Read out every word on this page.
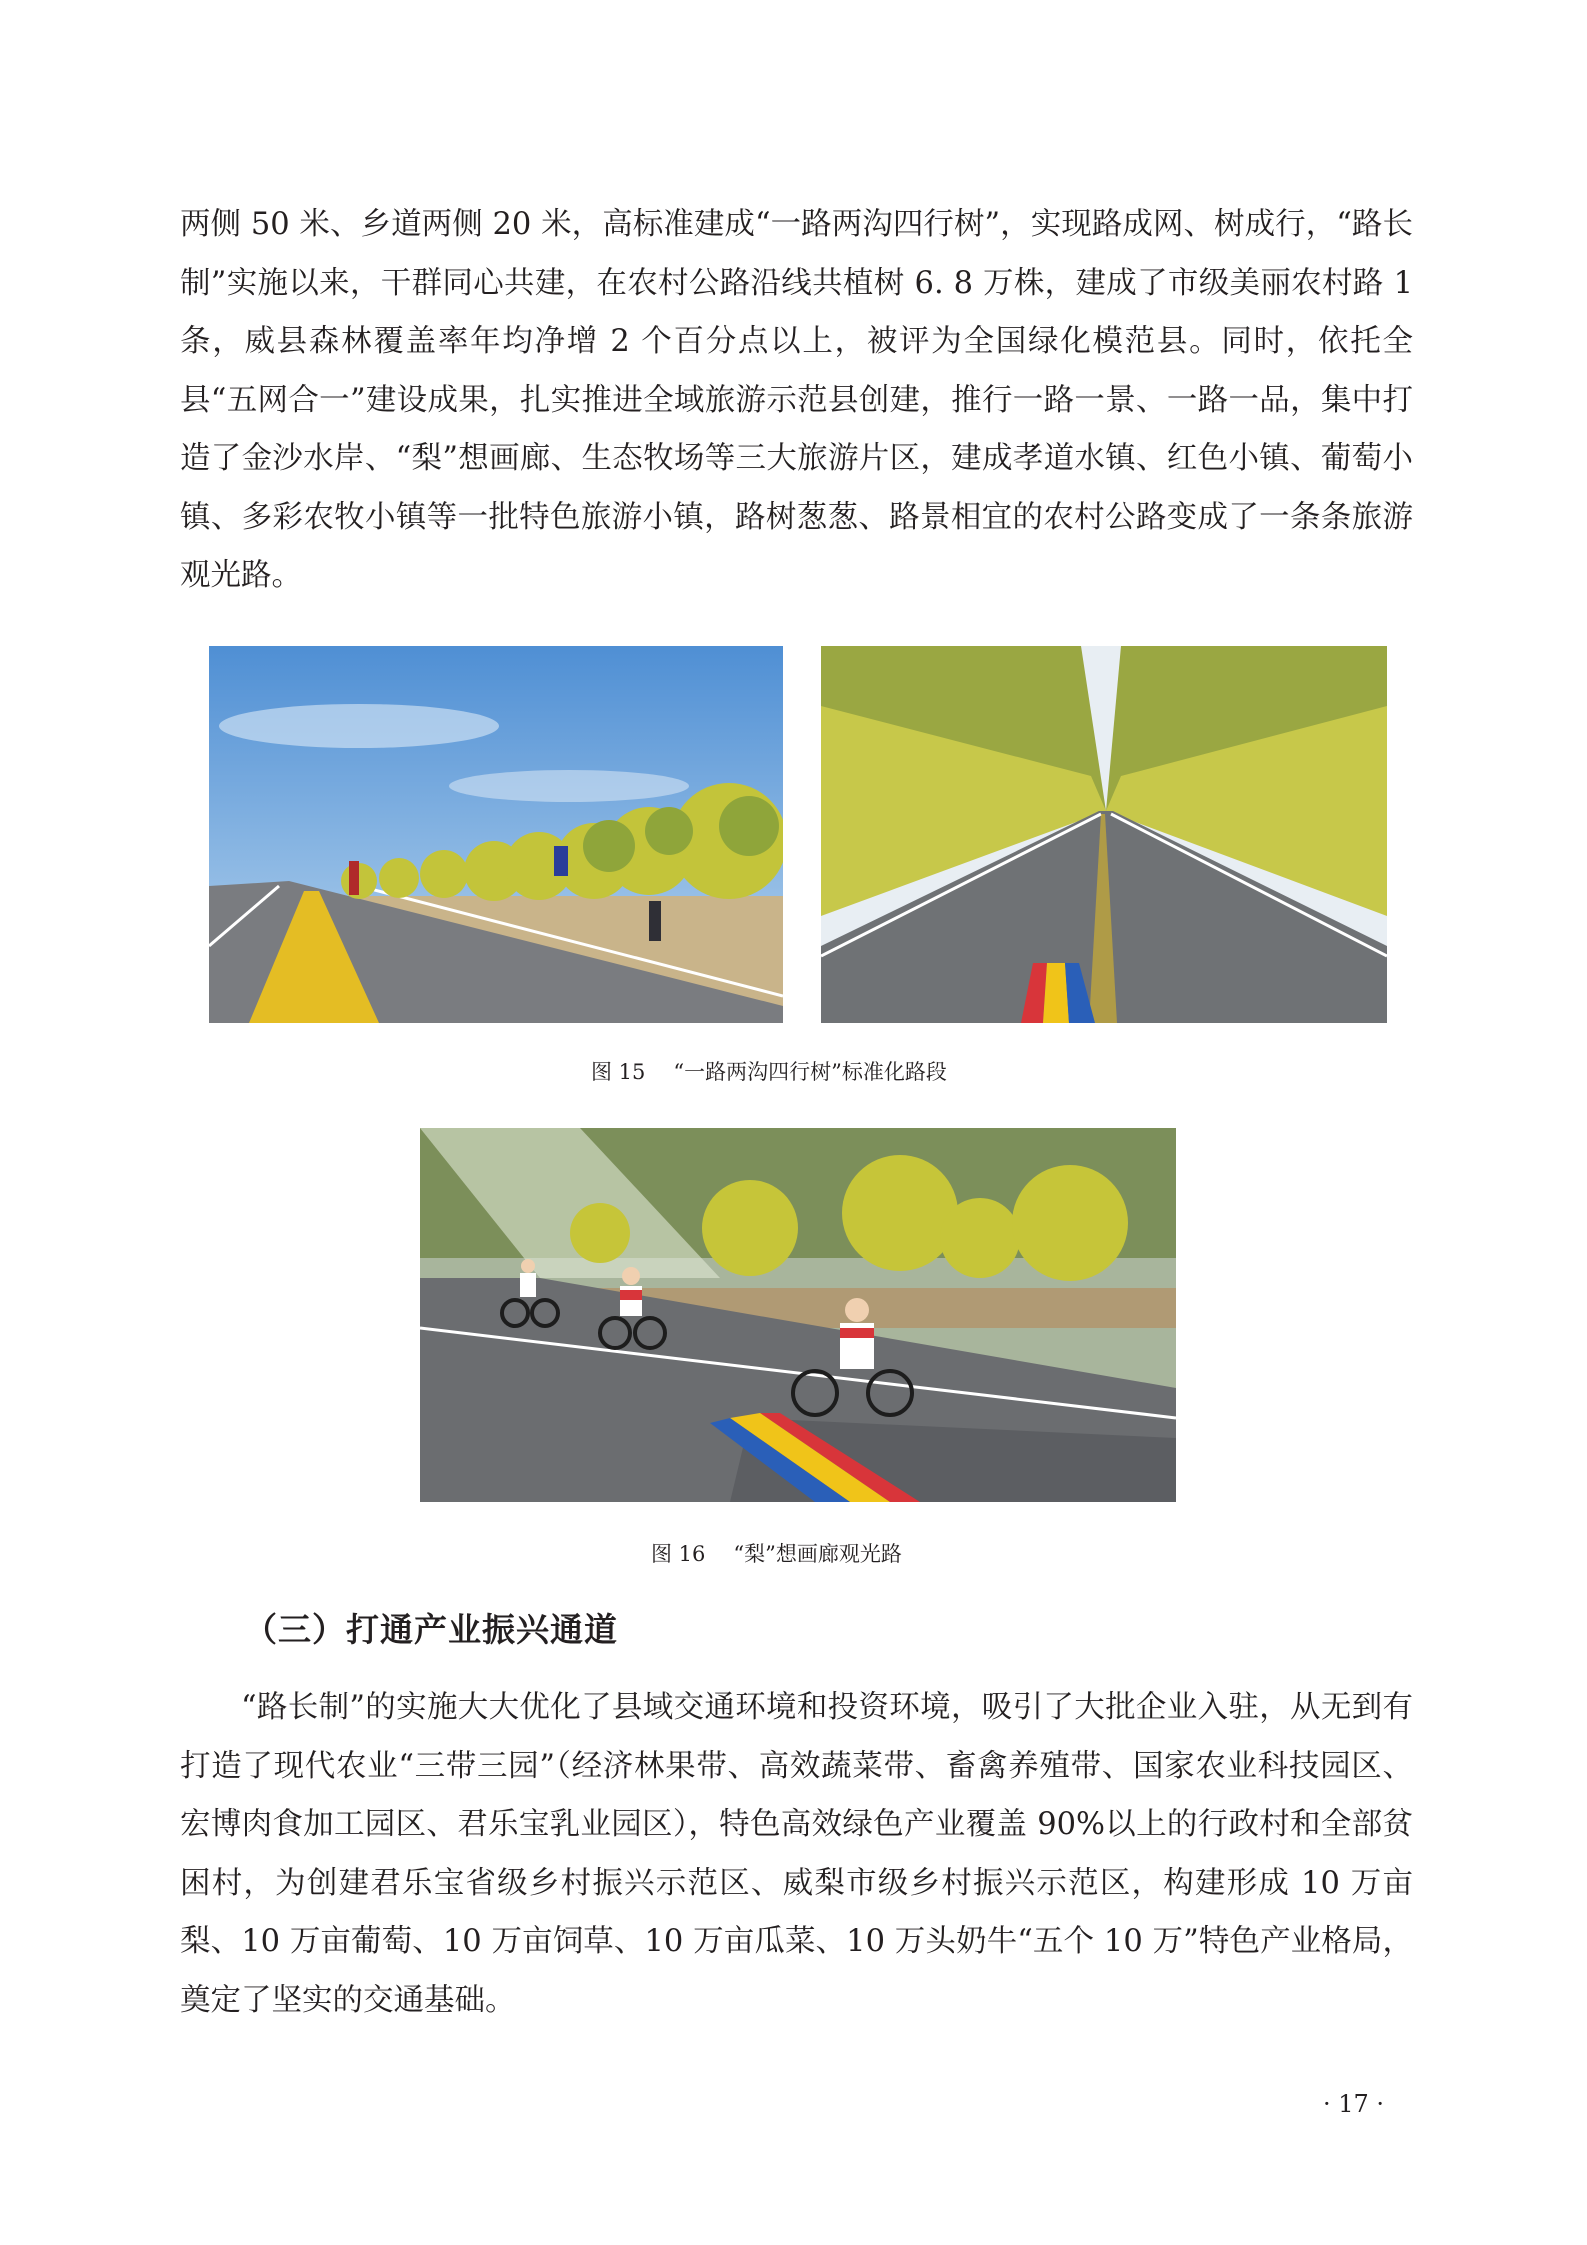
两侧 50 米、乡道两侧 20 米，高标准建成“一路两沟四行树”，实现路成网、树成行，“路长制”实施以来，干群同心共建，在农村公路沿线共植树 6. 8 万株，建成了市级美丽农村路 1 条，威县森林覆盖率年均净增 2 个百分点以上，被评为全国绿化模范县。同时，依托全县“五网合一”建设成果，扎实推进全域旅游示范县创建，推行一路一景、一路一品，集中打造了金沙水岸、“梨”想画廊、生态牧场等三大旅游片区，建成孝道水镇、红色小镇、葡萄小镇、多彩农牧小镇等一批特色旅游小镇，路树葱葱、路景相宜的农村公路变成了一条条旅游观光路。

图 15 “一路两沟四行树”标准化路段
图 16 “梨”想画廊观光路
（三）打通产业振兴通道

“路长制”的实施大大优化了县域交通环境和投资环境，吸引了大批企业入驻，从无到有打造了现代农业“三带三园”（经济林果带、高效蔬菜带、畜禽养殖带、国家农业科技园区、宏博肉食加工园区、君乐宝乳业园区），特色高效绿色产业覆盖 90%以上的行政村和全部贫困村，为创建君乐宝省级乡村振兴示范区、威梨市级乡村振兴示范区，构建形成 10 万亩梨、10 万亩葡萄、10 万亩饲草、10 万亩瓜菜、10 万头奶牛“五个 10 万”特色产业格局，奠定了坚实的交通基础。

· 17 ·
